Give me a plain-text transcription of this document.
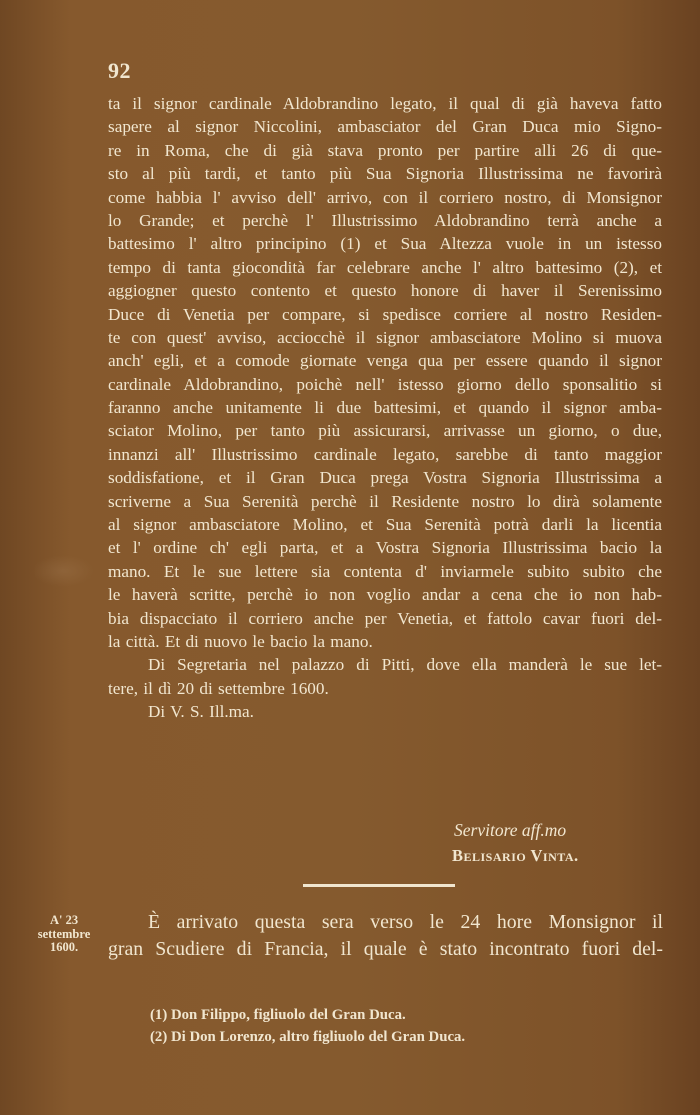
92
ta il signor cardinale Aldobrandino legato, il qual di già haveva fatto
sapere al signor Niccolini, ambasciator del Gran Duca mio Signo-
re in Roma, che di già stava pronto per partire alli 26 di que-
sto al più tardi, et tanto più Sua Signoria Illustrissima ne favorirà
come habbia l' avviso dell' arrivo, con il corriero nostro, di Monsignor
lo Grande; et perchè l' Illustrissimo Aldobrandino terrà anche a
battesimo l' altro principino (1) et Sua Altezza vuole in un istesso
tempo di tanta giocondità far celebrare anche l' altro battesimo (2), et
aggiogner questo contento et questo honore di haver il Serenissimo
Duce di Venetia per compare, si spedisce corriere al nostro Residen-
te con quest' avviso, acciocchè il signor ambasciatore Molino si muova
anch' egli, et a comode giornate venga qua per essere quando il signor
cardinale Aldobrandino, poichè nell' istesso giorno dello sponsalitio si
faranno anche unitamente li due battesimi, et quando il signor amba-
sciator Molino, per tanto più assicurarsi, arrivasse un giorno, o due,
innanzi all' Illustrissimo cardinale legato, sarebbe di tanto maggior
soddisfatione, et il Gran Duca prega Vostra Signoria Illustrissima a
scriverne a Sua Serenità perchè il Residente nostro lo dirà solamente
al signor ambasciatore Molino, et Sua Serenità potrà darli la licentia
et l' ordine ch' egli parta, et a Vostra Signoria Illustrissima bacio la
mano. Et le sue lettere sia contenta d' inviarmele subito subito che
le haverà scritte, perchè io non voglio andar a cena che io non hab-
bia dispacciato il corriero anche per Venetia, et fattolo cavar fuori del-
la città. Et di nuovo le bacio la mano.
Di Segretaria nel palazzo di Pitti, dove ella manderà le sue let-
tere, il dì 20 di settembre 1600.
Di V. S. Ill.ma.
Servitore aff.mo
Belisario Vinta.
A' 23
settembre
1600.
È arrivato questa sera verso le 24 hore Monsignor il
gran Scudiere di Francia, il quale è stato incontrato fuori del-
(1) Don Filippo, figliuolo del Gran Duca.
(2) Di Don Lorenzo, altro figliuolo del Gran Duca.
